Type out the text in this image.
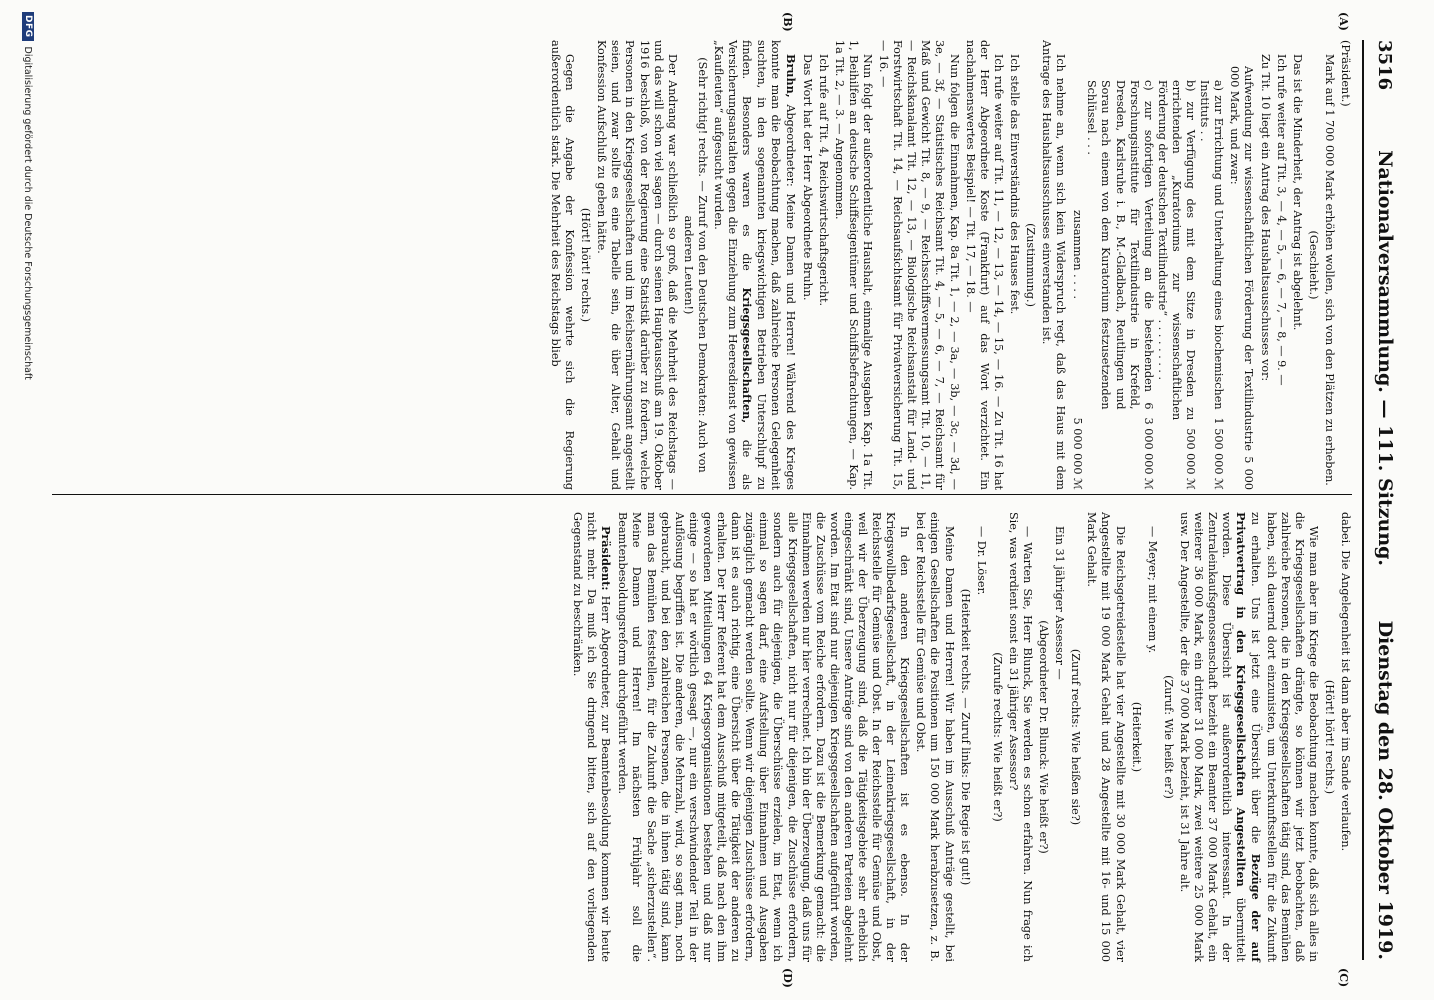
3516
Nationalversammlung. — 111. Sitzung.
Dienstag den 28. Oktober 1919.
(A)
(B)
(C)
(D)

(Präsident.)

Mark auf 1 700 000 Mark erhöhen wollen, sich von den Plätzen zu erheben.

(Geschieht.)

Das ist die Minderheit, der Antrag ist abgelehnt.

Ich rufe weiter auf Tit. 3, — 4, — 5, — 6, — 7, — 8, — 9. —

Zu Tit. 10 liegt ein Antrag des Haushaltsausschusses vor:

Aufwendung zur wissenschaftlichen Förderung der Textilindustrie 5 000 000 Mark, und zwar:

a) zur Errichtung und Unterhaltung eines biochemischen Instituts . .
1 500 000 ℳ
b) zur Verfügung des mit dem Sitze in Dresden zu errichtenden „Kuratoriums zur wissenschaftlichen Förderung der deutschen Textilindustrie“ . . . . . . . . .
500 000 ℳ
c) zur sofortigen Verteilung an die bestehenden 6 Forschungsinstitute für Textilindustrie in Krefeld, Dresden, Karlsruhe i. B., M.-Gladbach, Reutlingen und Sorau nach einem von dem Kuratorium festzusetzenden Schlüssel . . .
3 000 000 ℳ
zusammen . . . .
5 000 000 ℳ

Ich nehme an, wenn sich kein Widerspruch regt, daß das Haus mit dem Antrage des Haushaltsausschusses einverstanden ist.

(Zustimmung.)

Ich stelle das Einverständnis des Hauses fest.

Ich rufe weiter auf Tit. 11, — 12, — 13, — 14, — 15, — 16. — Zu Tit. 16 hat der Herr Abgeordnete Koste (Frankfurt) auf das Wort verzichtet. Ein nachahmenswertes Beispiel! — Tit. 17, — 18. —

Nun folgen die Einnahmen, Kap. 8a Tit. 1, — 2, — 3a, — 3b, — 3c, — 3d, — 3e, — 3f, — Statistisches Reichsamt Tit. 4, — 5, — 6, — 7, — Reichsamt für Maß und Gewicht Tit. 8, — 9, — Reichsschiffsvermessungsamt Tit. 10, — 11, — Reichskanalamt Tit. 12, — 13, — Biologische Reichsanstalt für Land- und Forstwirtschaft Tit. 14, — Reichsaufsichtsamt für Privatversicherung Tit. 15, — 16. —

Nun folgt der außerordentliche Haushalt, einmalige Ausgaben Kap. 1a Tit. 1, Beihilfen an deutsche Schiffseigentümer und Schiffsbefrachtungen, — Kap. 1a Tit. 2, — 3. — Angenommen.

Ich rufe auf Tit. 4, Reichswirtschaftsgericht.

Das Wort hat der Herr Abgeordnete Bruhn.

Bruhn, Abgeordneter: Meine Damen und Herren! Während des Krieges konnte man die Beobachtung machen, daß zahlreiche Personen Gelegenheit suchten, in den sogenannten kriegswichtigen Betrieben Unterschlupf zu finden. Besonders waren es die Kriegsgesellschaften, die als Versicherungsanstalten gegen die Einziehung zum Heeresdienst von gewissen „Kaufleuten“ aufgesucht wurden.

(Sehr richtig! rechts. — Zuruf von den Deutschen Demokraten: Auch von anderen Leuten!)

Der Andrang war schließlich so groß, daß die Mehrheit des Reichstags — und das will schon viel sagen — durch seinen Hauptausschuß am 19. Oktober 1916 beschloß, von der Regierung eine Statistik darüber zu fordern, welche Personen in den Kriegsgesellschaften und im Reichsernährungsamt angestellt seien, und zwar sollte es eine Tabelle sein, die über Alter, Gehalt und Konfession Aufschluß zu geben hätte.

(Hört! hört! rechts.)

Gegen die Angabe der Konfession wehrte sich die Regierung außerordentlich stark. Die Mehrheit des Reichstags blieb

dabei. Die Angelegenheit ist dann aber im Sande verlaufen.

(Hört! hört! rechts.)

Wie man aber im Kriege die Beobachtung machen konnte, daß sich alles in die Kriegsgesellschaften drängte, so können wir jetzt beobachten, daß zahlreiche Personen, die in den Kriegsgesellschaften tätig sind, das Bemühen haben, sich dauernd dort einzunisten, um Unterkunftsstellen für die Zukunft zu erhalten. Uns ist jetzt eine Übersicht über die Bezüge der auf Privatvertrag in den Kriegsgesellschaften Angestellten übermittelt worden. Diese Übersicht ist außerordentlich interessant. In der Zentraleinkaufsgenossenschaft bezieht ein Beamter 37 000 Mark Gehalt, ein weiterer 36 000 Mark, ein dritter 31 000 Mark, zwei weitere 25 000 Mark usw. Der Angestellte, der die 37 000 Mark bezieht, ist 31 Jahre alt.

(Zuruf: Wie heißt er?)

— Meyer; mit einem y.

(Heiterkeit.)

Die Reichsgetreidestelle hat vier Angestellte mit 30 000 Mark Gehalt, vier Angestellte mit 19 000 Mark Gehalt und 28 Angestellte mit 16- und 15 000 Mark Gehalt.

(Zuruf rechts: Wie heißen sie?)

Ein 31 jähriger Assessor —

(Abgeordneter Dr. Blunck: Wie heißt er?)

— Warten Sie, Herr Blunck, Sie werden es schon erfahren. Nun frage ich Sie, was verdient sonst ein 31 jähriger Assessor?

(Zurufe rechts: Wie heißt er?)

— Dr. Löser.

(Heiterkeit rechts. — Zuruf links: Die Regie ist gut!)

Meine Damen und Herren! Wir haben im Ausschuß Anträge gestellt, bei einigen Gesellschaften die Positionen um 150 000 Mark herabzusetzen, z. B. bei der Reichsstelle für Gemüse und Obst.

In den anderen Kriegsgesellschaften ist es ebenso. In der Kriegswollbedarfsgesellschaft, in der Leinenkriegsgesellschaft, in der Reichsstelle für Gemüse und Obst. In der Reichsstelle für Gemüse und Obst, weil wir der Überzeugung sind, daß die Tätigkeitsgebiete sehr erheblich eingeschränkt sind, Unsere Anträge sind von den anderen Parteien abgelehnt worden. Im Etat sind nur diejenigen Kriegsgesellschaften aufgeführt worden, die Zuschüsse vom Reiche erfordern. Dazu ist die Bemerkung gemacht: die Einnahmen werden nur hier verrechnet. Ich bin der Überzeugung, daß uns für alle Kriegsgesellschaften, nicht nur für diejenigen, die Zuschüsse erfordern, sondern auch für diejenigen, die Überschüsse erzielen, im Etat, wenn ich einmal so sagen darf, eine Aufstellung über Einnahmen und Ausgaben zugänglich gemacht werden sollte. Wenn wir diejenigen Zuschüsse erfordern, dann ist es auch richtig, eine Übersicht über die Tätigkeit der anderen zu erhalten. Der Herr Referent hat dem Ausschuß mitgeteilt, daß nach den ihm gewordenen Mitteilungen 64 Kriegsorganisationen bestehen und daß nur einige — so hat er wörtlich gesagt —, nur ein verschwindender Teil in der Auflösung begriffen ist. Die anderen, die Mehrzahl, wird, so sagt man, noch gebraucht, und bei den zahlreichen Personen, die in ihnen tätig sind, kann man das Bemühen feststellen, für die Zukunft die Sache „sicherzustellen“. Meine Damen und Herren! Im nächsten Frühjahr soll die Beamtenbesoldungsreform durchgeführt werden.

Präsident: Herr Abgeordneter, zur Beamtenbesoldung kommen wir heute nicht mehr. Da muß ich Sie dringend bitten, sich auf den vorliegenden Gegenstand zu beschränken.

DFG
Digitalisierung gefördert durch die Deutsche Forschungsgemeinschaft
